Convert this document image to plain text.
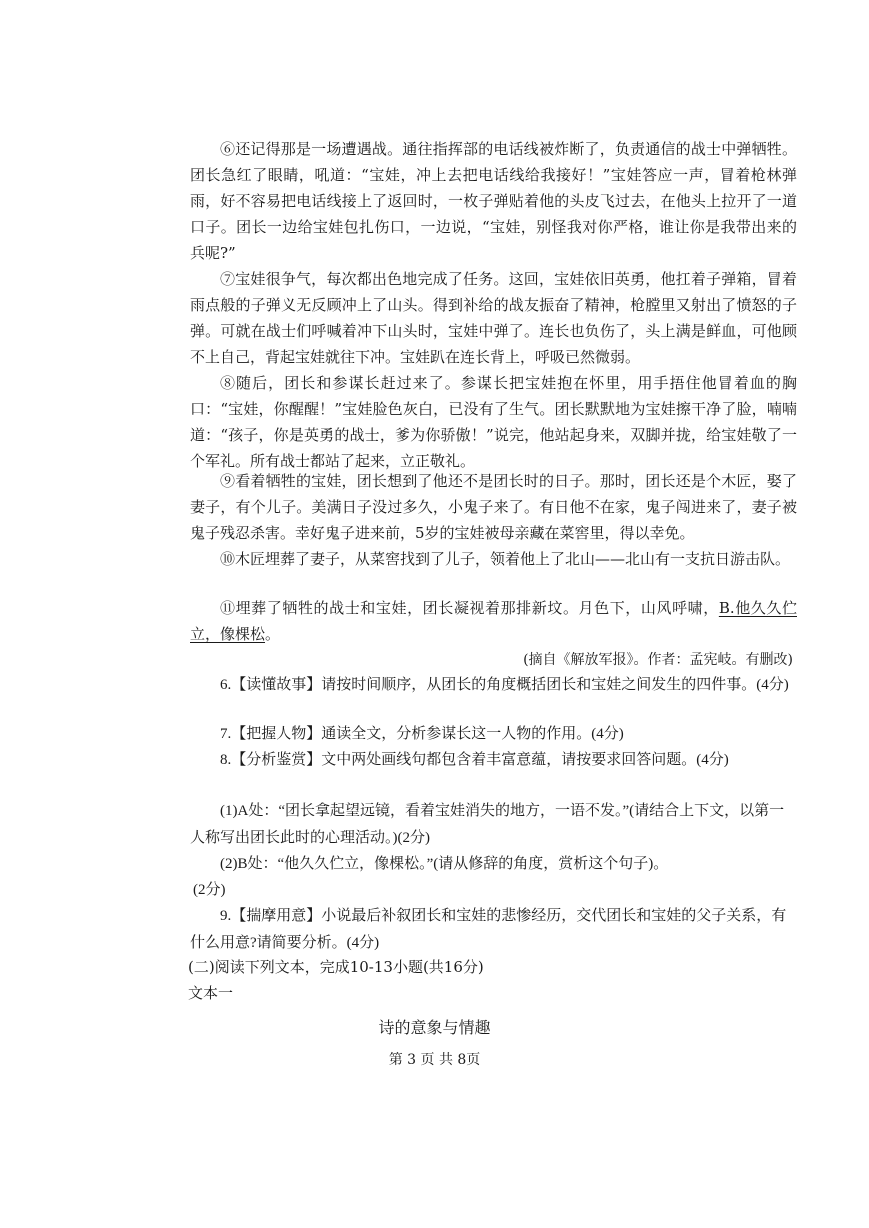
⑥还记得那是一场遭遇战。通往指挥部的电话线被炸断了，负责通信的战士中弹牺牲。团长急红了眼睛，吼道：“宝娃，冲上去把电话线给我接好！”宝娃答应一声，冒着枪林弹雨，好不容易把电话线接上了返回时，一枚子弹贴着他的头皮飞过去，在他头上拉开了一道口子。团长一边给宝娃包扎伤口，一边说，“宝娃，别怪我对你严格，谁让你是我带出来的兵呢?”

⑦宝娃很争气，每次都出色地完成了任务。这回，宝娃依旧英勇，他扛着子弹箱，冒着雨点般的子弹义无反顾冲上了山头。得到补给的战友振奋了精神，枪膛里又射出了愤怒的子弹。可就在战士们呼喊着冲下山头时，宝娃中弹了。连长也负伤了，头上满是鲜血，可他顾不上自己，背起宝娃就往下冲。宝娃趴在连长背上，呼吸已然微弱。

⑧随后，团长和参谋长赶过来了。参谋长把宝娃抱在怀里，用手捂住他冒着血的胸口：“宝娃，你醒醒！”宝娃脸色灰白，已没有了生气。团长默默地为宝娃擦干净了脸，喃喃道：“孩子，你是英勇的战士，爹为你骄傲！”说完，他站起身来，双脚并拢，给宝娃敬了一个军礼。所有战士都站了起来，立正敬礼。

⑨看着牺牲的宝娃，团长想到了他还不是团长时的日子。那时，团长还是个木匠，娶了妻子，有个儿子。美满日子没过多久，小鬼子来了。有日他不在家，鬼子闯进来了，妻子被鬼子残忍杀害。幸好鬼子进来前，5岁的宝娃被母亲藏在菜窖里，得以幸免。

⑩木匠埋葬了妻子，从菜窖找到了儿子，领着他上了北山——北山有一支抗日游击队。

⑪埋葬了牺牲的战士和宝娃，团长凝视着那排新坟。月色下，山风呼啸，B.他久久伫立，像棵松。

(摘自《解放军报》。作者：孟宪岐。有删改)

6.【读懂故事】请按时间顺序，从团长的角度概括团长和宝娃之间发生的四件事。(4分)

7.【把握人物】通读全文，分析参谋长这一人物的作用。(4分)

8.【分析鉴赏】文中两处画线句都包含着丰富意蕴，请按要求回答问题。(4分)

(1)A处：“团长拿起望远镜，看着宝娃消失的地方，一语不发。”(请结合上下文，以第一人称写出团长此时的心理活动。)(2分)

(2)B处：“他久久伫立，像棵松。”(请从修辞的角度，赏析这个句子)。

(2分)

9.【揣摩用意】小说最后补叙团长和宝娃的悲惨经历，交代团长和宝娃的父子关系，有什么用意?请简要分析。(4分)

(二)阅读下列文本，完成10-13小题(共16分)
文本一
诗的意象与情趣
第 3 页 共 8页
